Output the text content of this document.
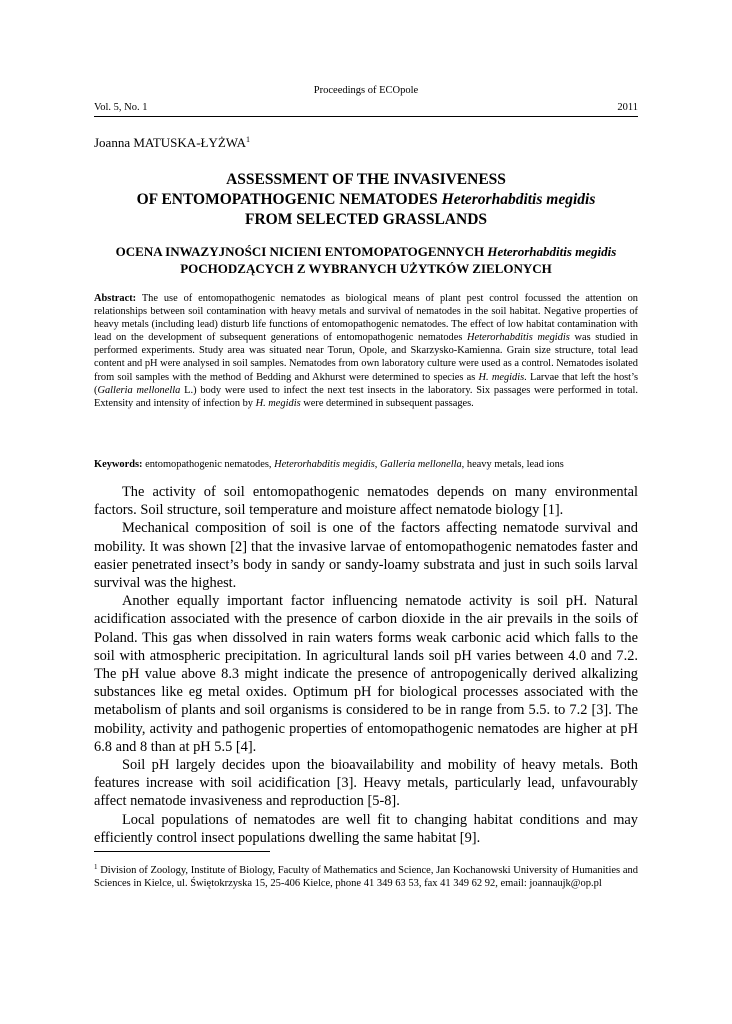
Proceedings of ECOpole
Vol. 5, No. 1	2011
Joanna MATUSKA-ŁYŻWA$^1$
ASSESSMENT OF THE INVASIVENESS
OF ENTOMOPATHOGENIC NEMATODES Heterorhabditis megidis
FROM SELECTED GRASSLANDS
OCENA INWAZYJNOŚCI NICIENI ENTOMOPATOGENNYCH Heterorhabditis megidis POCHODZĄCYCH Z WYBRANYCH UŻYTKÓW ZIELONYCH
Abstract: The use of entomopathogenic nematodes as biological means of plant pest control focussed the attention on relationships between soil contamination with heavy metals and survival of nematodes in the soil habitat. Negative properties of heavy metals (including lead) disturb life functions of entomopathogenic nematodes. The effect of low habitat contamination with lead on the development of subsequent generations of entomopathogenic nematodes Heterorhabditis megidis was studied in performed experiments. Study area was situated near Torun, Opole, and Skarzysko-Kamienna. Grain size structure, total lead content and pH were analysed in soil samples. Nematodes from own laboratory culture were used as a control. Nematodes isolated from soil samples with the method of Bedding and Akhurst were determined to species as H. megidis. Larvae that left the host’s (Galleria mellonella L.) body were used to infect the next test insects in the laboratory. Six passages were performed in total. Extensity and intensity of infection by H. megidis were determined in subsequent passages.
Keywords: entomopathogenic nematodes, Heterorhabditis megidis, Galleria mellonella, heavy metals, lead ions

The activity of soil entomopathogenic nematodes depends on many environmental factors. Soil structure, soil temperature and moisture affect nematode biology [1].

Mechanical composition of soil is one of the factors affecting nematode survival and mobility. It was shown [2] that the invasive larvae of entomopathogenic nematodes faster and easier penetrated insect’s body in sandy or sandy-loamy substrata and just in such soils larval survival was the highest.

Another equally important factor influencing nematode activity is soil pH. Natural acidification associated with the presence of carbon dioxide in the air prevails in the soils of Poland. This gas when dissolved in rain waters forms weak carbonic acid which falls to the soil with atmospheric precipitation. In agricultural lands soil pH varies between 4.0 and 7.2. The pH value above 8.3 might indicate the presence of antropogenically derived alkalizing substances like eg metal oxides. Optimum pH for biological processes associated with the metabolism of plants and soil organisms is considered to be in range from 5.5. to 7.2 [3]. The mobility, activity and pathogenic properties of entomopathogenic nematodes are higher at pH 6.8 and 8 than at pH 5.5 [4].

Soil pH largely decides upon the bioavailability and mobility of heavy metals. Both features increase with soil acidification [3]. Heavy metals, particularly lead, unfavourably affect nematode invasiveness and reproduction [5-8].

Local populations of nematodes are well fit to changing habitat conditions and may efficiently control insect populations dwelling the same habitat [9].

$^1$ Division of Zoology, Institute of Biology, Faculty of Mathematics and Science, Jan Kochanowski University of Humanities and Sciences in Kielce, ul. Świętokrzyska 15, 25-406 Kielce, phone 41 349 63 53, fax 41 349 62 92, email: joannaujk@op.pl
